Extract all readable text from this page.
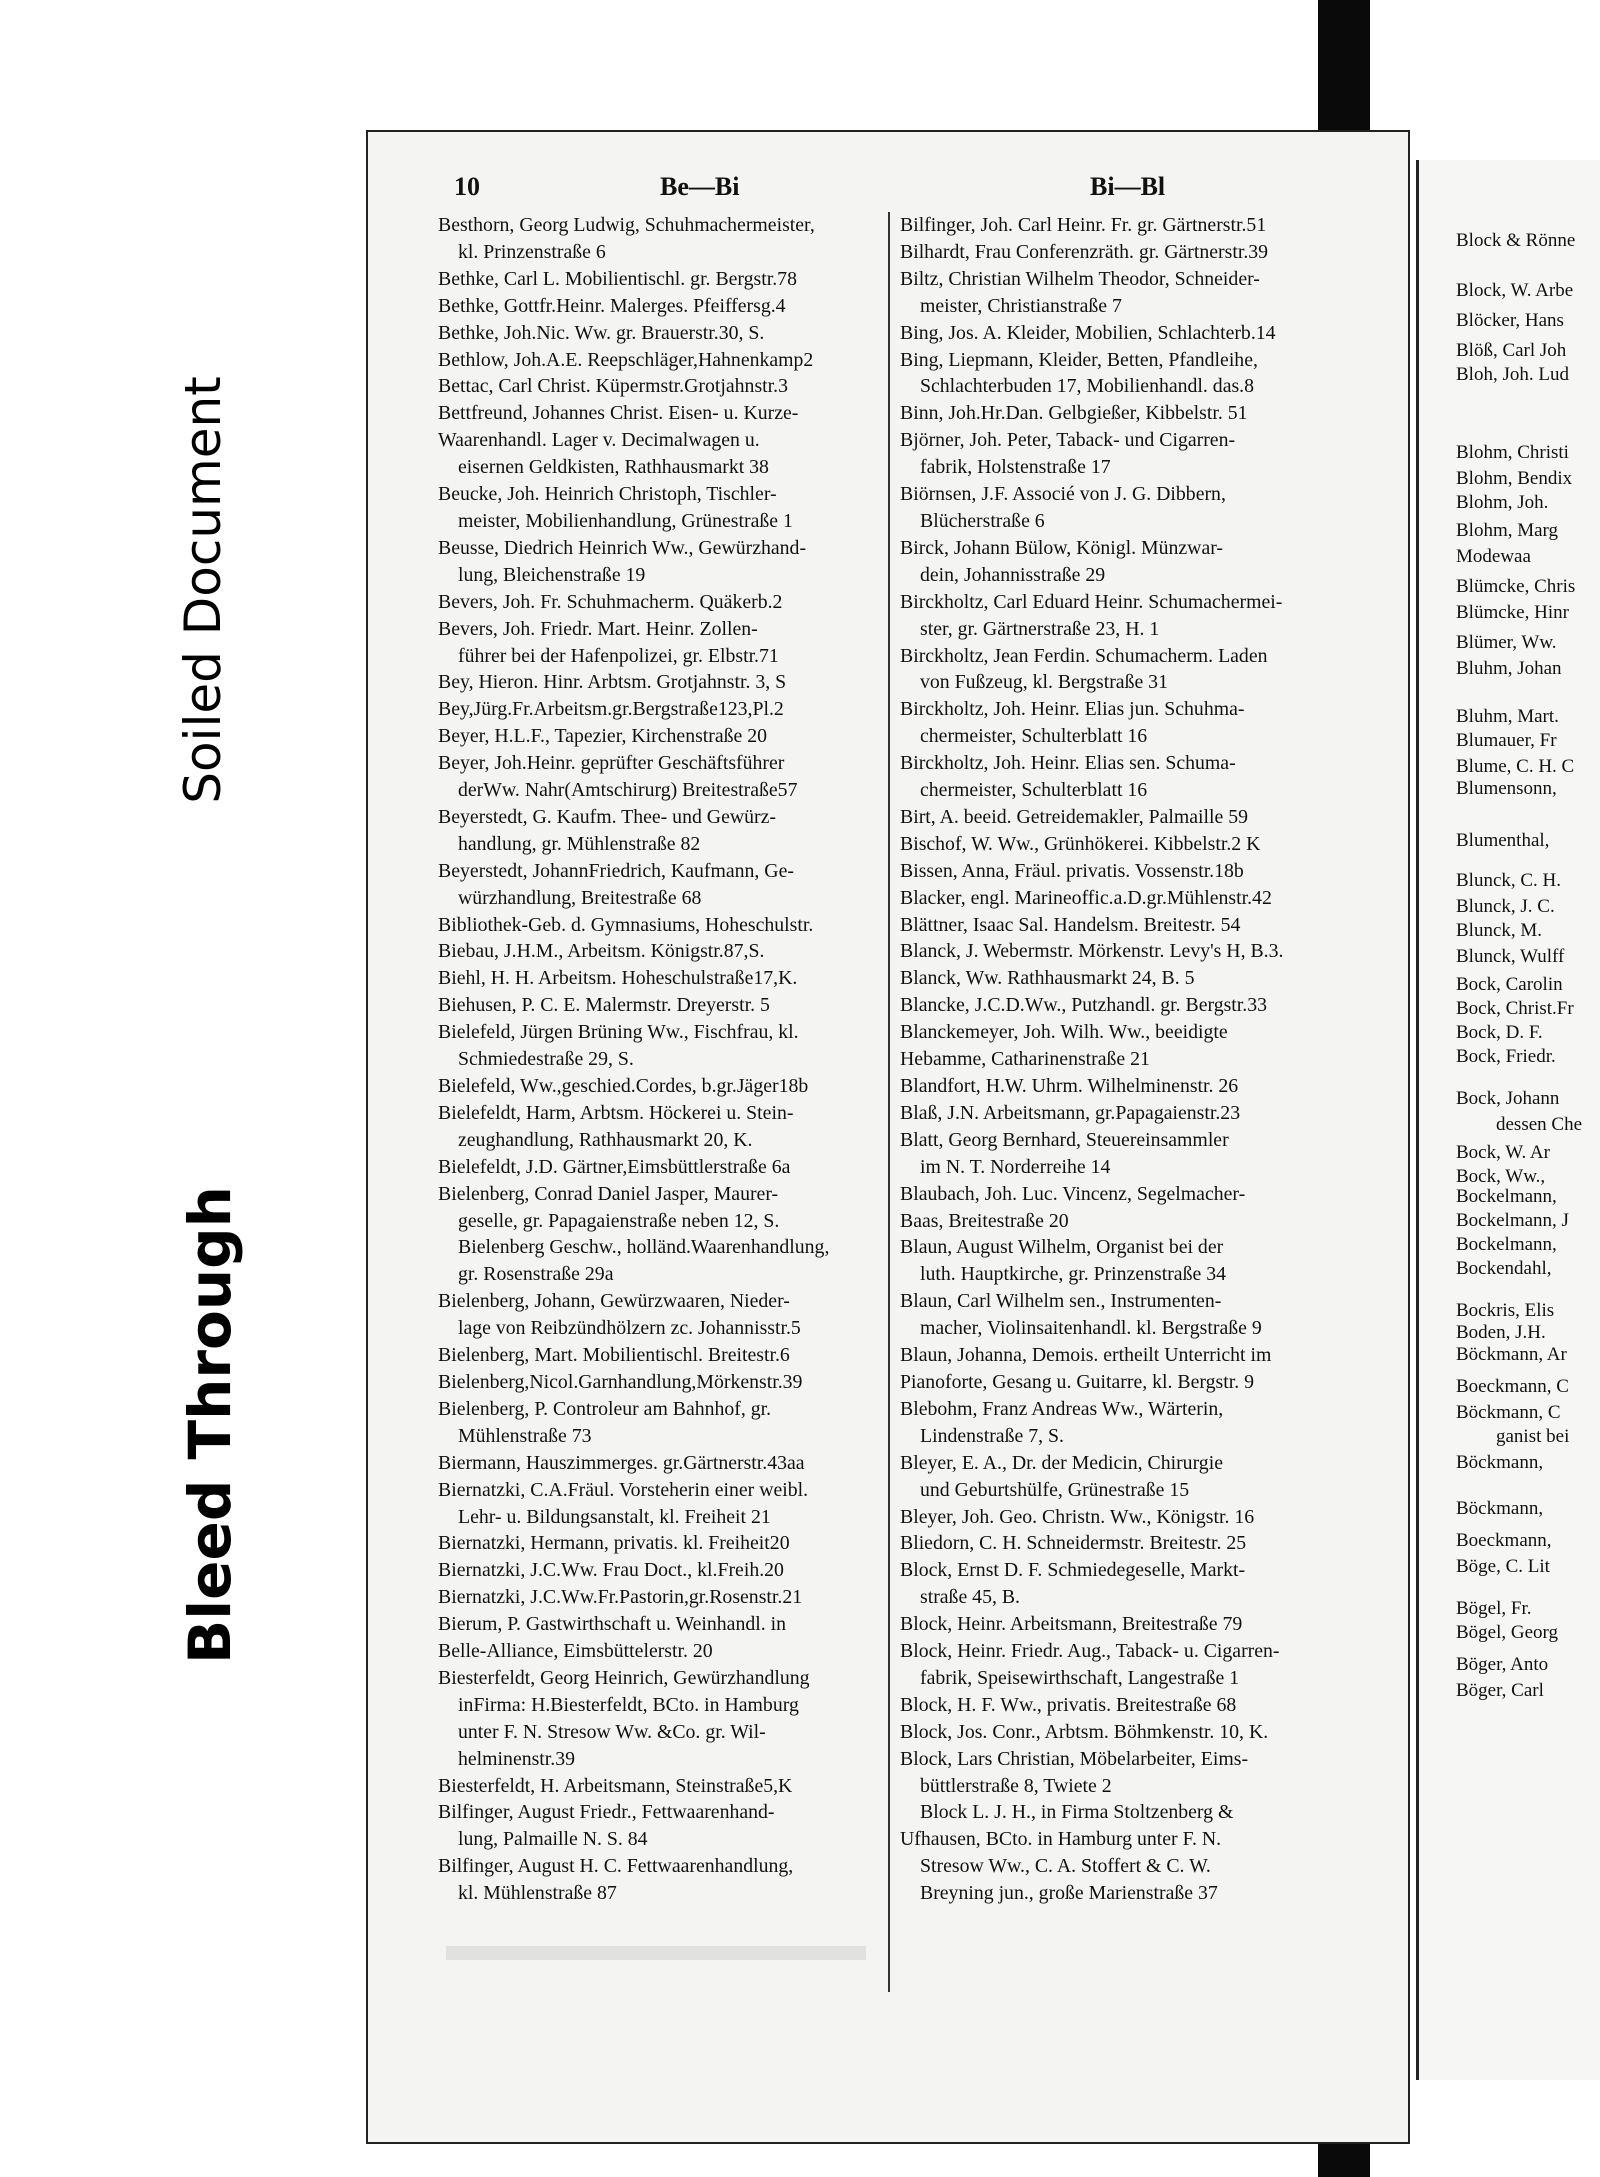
Soiled Document
Bleed Through
10	Be—Bi	Bi—Bl
Besthorn, Georg Ludwig, Schuhmachermeister,
kl. Prinzenstraße 6
Bethke, Carl L. Mobilientischl. gr. Bergstr.78
Bethke, Gottfr.Heinr. Malerges. Pfeiffersg.4
Bethke, Joh.Nic. Ww. gr. Brauerstr.30, S.
Bethlow, Joh.A.E. Reepschläger,Hahnenkamp2
Bettac, Carl Christ. Küpermstr.Grotjahnstr.3
Bettfreund, Johannes Christ. Eisen- u. Kurze-
Waarenhandl. Lager v. Decimalwagen u.
eisernen Geldkisten, Rathhausmarkt 38
Beucke, Joh. Heinrich Christoph, Tischler-
meister, Mobilienhandlung, Grünestraße 1
Beusse, Diedrich Heinrich Ww., Gewürzhand-
lung, Bleichenstraße 19
Bevers, Joh. Fr. Schuhmacherm. Quäkerb.2
Bevers, Joh. Friedr. Mart. Heinr. Zollen-
führer bei der Hafenpolizei, gr. Elbstr.71
Bey, Hieron. Hinr. Arbtsm. Grotjahnstr. 3, S
Bey,Jürg.Fr.Arbeitsm.gr.Bergstraße123,Pl.2
Beyer, H.L.F., Tapezier, Kirchenstraße 20
Beyer, Joh.Heinr. geprüfter Geschäftsführer
derWw. Nahr(Amtschirurg) Breitestraße57
Beyerstedt, G. Kaufm. Thee- und Gewürz-
handlung, gr. Mühlenstraße 82
Beyerstedt, JohannFriedrich, Kaufmann, Ge-
würzhandlung, Breitestraße 68
Bibliothek-Geb. d. Gymnasiums, Hoheschulstr.
Biebau, J.H.M., Arbeitsm. Königstr.87,S.
Biehl, H. H. Arbeitsm. Hoheschulstraße17,K.
Biehusen, P. C. E. Malermstr. Dreyerstr. 5
Bielefeld, Jürgen Brüning Ww., Fischfrau, kl.
Schmiedestraße 29, S.
Bielefeld, Ww.,geschied.Cordes, b.gr.Jäger18b
Bielefeldt, Harm, Arbtsm. Höckerei u. Stein-
zeughandlung, Rathhausmarkt 20, K.
Bielefeldt, J.D. Gärtner,Eimsbüttlerstraße 6a
Bielenberg, Conrad Daniel Jasper, Maurer-
geselle, gr. Papagaienstraße neben 12, S.
Bielenberg Geschw., holländ.Waarenhandlung,
gr. Rosenstraße 29a
Bielenberg, Johann, Gewürzwaaren, Nieder-
lage von Reibzündhölzern zc. Johannisstr.5
Bielenberg, Mart. Mobilientischl. Breitestr.6
Bielenberg,Nicol.Garnhandlung,Mörkenstr.39
Bielenberg, P. Controleur am Bahnhof, gr.
Mühlenstraße 73
Biermann, Hauszimmerges. gr.Gärtnerstr.43aa
Biernatzki, C.A.Fräul. Vorsteherin einer weibl.
Lehr- u. Bildungsanstalt, kl. Freiheit 21
Biernatzki, Hermann, privatis. kl. Freiheit20
Biernatzki, J.C.Ww. Frau Doct., kl.Freih.20
Biernatzki, J.C.Ww.Fr.Pastorin,gr.Rosenstr.21
Bierum, P. Gastwirthschaft u. Weinhandl. in
Belle-Alliance, Eimsbüttelerstr. 20
Biesterfeldt, Georg Heinrich, Gewürzhandlung
inFirma: H.Biesterfeldt, BCto. in Hamburg
unter F. N. Stresow Ww. &Co. gr. Wil-
helminenstr.39
Biesterfeldt, H. Arbeitsmann, Steinstraße5,K
Bilfinger, August Friedr., Fettwaarenhand-
lung, Palmaille N. S. 84
Bilfinger, August H. C. Fettwaarenhandlung,
kl. Mühlenstraße 87
Bilfinger, Joh. Carl Heinr. Fr. gr. Gärtnerstr.51
Bilhardt, Frau Conferenzräth. gr. Gärtnerstr.39
Biltz, Christian Wilhelm Theodor, Schneider-
meister, Christianstraße 7
Bing, Jos. A. Kleider, Mobilien, Schlachterb.14
Bing, Liepmann, Kleider, Betten, Pfandleihe,
Schlachterbuden 17, Mobilienhandl. das.8
Binn, Joh.Hr.Dan. Gelbgießer, Kibbelstr. 51
Björner, Joh. Peter, Taback- und Cigarren-
fabrik, Holstenstraße 17
Biörnsen, J.F. Associé von J. G. Dibbern,
Blücherstraße 6
Birck, Johann Bülow, Königl. Münzwar-
dein, Johannisstraße 29
Birckholtz, Carl Eduard Heinr. Schumachermei-
ster, gr. Gärtnerstraße 23, H. 1
Birckholtz, Jean Ferdin. Schumacherm. Laden
von Fußzeug, kl. Bergstraße 31
Birckholtz, Joh. Heinr. Elias jun. Schuhma-
chermeister, Schulterblatt 16
Birckholtz, Joh. Heinr. Elias sen. Schuma-
chermeister, Schulterblatt 16
Birt, A. beeid. Getreidemakler, Palmaille 59
Bischof, W. Ww., Grünhökerei. Kibbelstr.2 K
Bissen, Anna, Fräul. privatis. Vossenstr.18b
Blacker, engl. Marineoffic.a.D.gr.Mühlenstr.42
Blättner, Isaac Sal. Handelsm. Breitestr. 54
Blanck, J. Webermstr. Mörkenstr. Levy's H, B.3.
Blanck, Ww. Rathhausmarkt 24, B. 5
Blancke, J.C.D.Ww., Putzhandl. gr. Bergstr.33
Blanckemeyer, Joh. Wilh. Ww., beeidigte
Hebamme, Catharinenstraße 21
Blandfort, H.W. Uhrm. Wilhelminenstr. 26
Blaß, J.N. Arbeitsmann, gr.Papagaienstr.23
Blatt, Georg Bernhard, Steuereinsammler
im N. T. Norderreihe 14
Blaubach, Joh. Luc. Vincenz, Segelmacher-
Baas, Breitestraße 20
Blaun, August Wilhelm, Organist bei der
luth. Hauptkirche, gr. Prinzenstraße 34
Blaun, Carl Wilhelm sen., Instrumenten-
macher, Violinsaitenhandl. kl. Bergstraße 9
Blaun, Johanna, Demois. ertheilt Unterricht im
Pianoforte, Gesang u. Guitarre, kl. Bergstr. 9
Blebohm, Franz Andreas Ww., Wärterin,
Lindenstraße 7, S.
Bleyer, E. A., Dr. der Medicin, Chirurgie
und Geburtshülfe, Grünestraße 15
Bleyer, Joh. Geo. Christn. Ww., Königstr. 16
Bliedorn, C. H. Schneidermstr. Breitestr. 25
Block, Ernst D. F. Schmiedegeselle, Markt-
straße 45, B.
Block, Heinr. Arbeitsmann, Breitestraße 79
Block, Heinr. Friedr. Aug., Taback- u. Cigarren-
fabrik, Speisewirthschaft, Langestraße 1
Block, H. F. Ww., privatis. Breitestraße 68
Block, Jos. Conr., Arbtsm. Böhmkenstr. 10, K.
Block, Lars Christian, Möbelarbeiter, Eims-
büttlerstraße 8, Twiete 2
Block L. J. H., in Firma Stoltzenberg &
Ufhausen, BCto. in Hamburg unter F. N.
Stresow Ww., C. A. Stoffert & C. W.
Breyning jun., große Marienstraße 37
Block & Rönne
Block, W. Arbe
Blöcker, Hans
Blöß, Carl Joh
Bloh, Joh. Lud
Blohm, Christi
Blohm, Bendix
Blohm, Joh.
Blohm, Marg
Modewaa
Blümcke, Chris
Blümcke, Hinr
Blümer, Ww.
Bluhm, Johan
Bluhm, Mart.
Blumauer, Fr
Blume, C. H. C
Blumensonn,
Blumenthal,
Blunck, C. H.
Blunck, J. C.
Blunck, M.
Blunck, Wulff
Bock, Carolin
Bock, Christ.Fr
Bock, D. F.
Bock, Friedr.
Bock, Johann
dessen Che
Bock, W. Ar
Bock, Ww.,
Bockelmann,
Bockelmann, J
Bockelmann,
Bockendahl,
Bockris, Elis
Boden, J.H.
Böckmann, Ar
Boeckmann, C
Böckmann, C
ganist bei
Böckmann,
Böckmann,
Boeckmann,
Böge, C. Lit
Bögel, Fr.
Bögel, Georg
Böger, Anto
Böger, Carl
